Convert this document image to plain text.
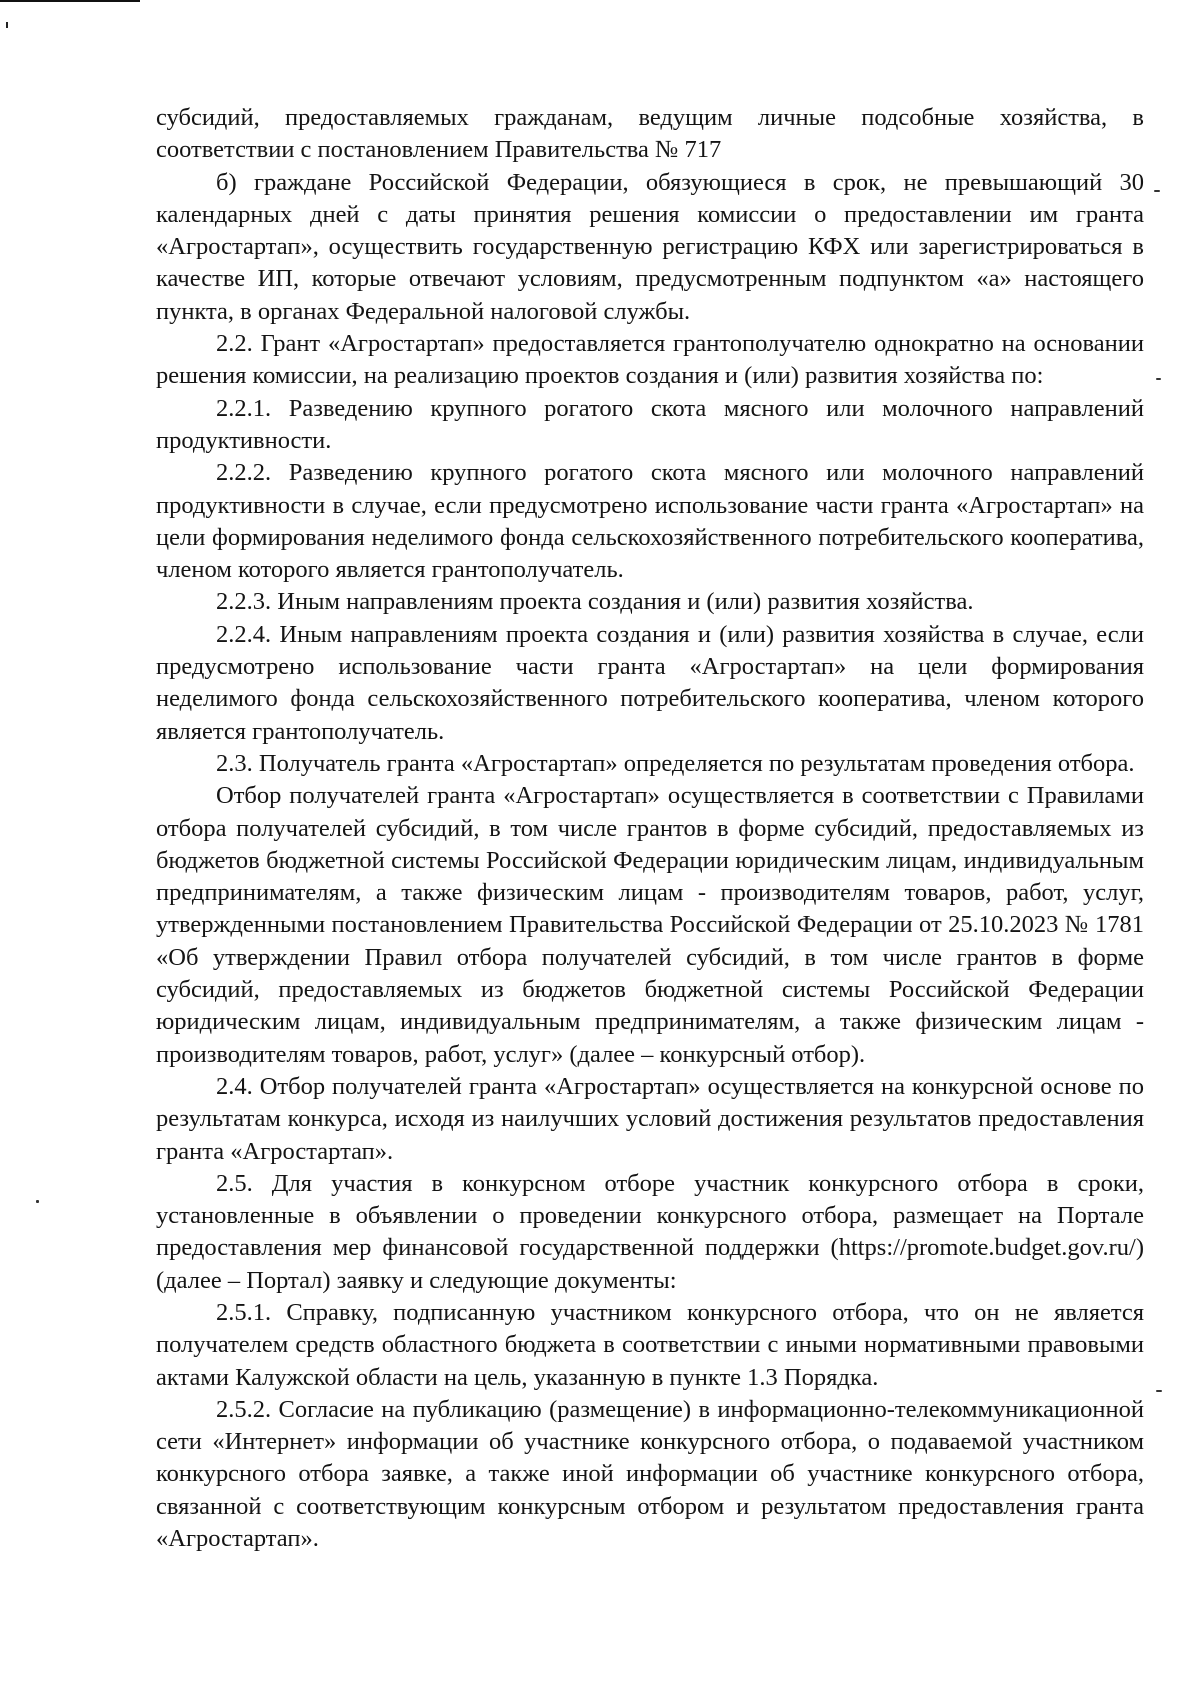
субсидий, предоставляемых гражданам, ведущим личные подсобные хозяйства, в соответствии с постановлением Правительства № 717

б) граждане Российской Федерации, обязующиеся в срок, не превышающий 30 календарных дней с даты принятия решения комиссии о предоставлении им гранта «Агростартап», осуществить государственную регистрацию КФХ или зарегистрироваться в качестве ИП, которые отвечают условиям, предусмотренным подпунктом «а» настоящего пункта, в органах Федеральной налоговой службы.

2.2. Грант «Агростартап» предоставляется грантополучателю однократно на основании решения комиссии, на реализацию проектов создания и (или) развития хозяйства по:

2.2.1. Разведению крупного рогатого скота мясного или молочного направлений продуктивности.

2.2.2. Разведению крупного рогатого скота мясного или молочного направлений продуктивности в случае, если предусмотрено использование части гранта «Агростартап» на цели формирования неделимого фонда сельскохозяйственного потребительского кооператива, членом которого является грантополучатель.

2.2.3. Иным направлениям проекта создания и (или) развития хозяйства.

2.2.4. Иным направлениям проекта создания и (или) развития хозяйства в случае, если предусмотрено использование части гранта «Агростартап» на цели формирования неделимого фонда сельскохозяйственного потребительского кооператива, членом которого является грантополучатель.

2.3. Получатель гранта «Агростартап» определяется по результатам проведения отбора.

Отбор получателей гранта «Агростартап» осуществляется в соответствии с Правилами отбора получателей субсидий, в том числе грантов в форме субсидий, предоставляемых из бюджетов бюджетной системы Российской Федерации юридическим лицам, индивидуальным предпринимателям, а также физическим лицам - производителям товаров, работ, услуг, утвержденными постановлением Правительства Российской Федерации от 25.10.2023 № 1781 «Об утверждении Правил отбора получателей субсидий, в том числе грантов в форме субсидий, предоставляемых из бюджетов бюджетной системы Российской Федерации юридическим лицам, индивидуальным предпринимателям, а также физическим лицам - производителям товаров, работ, услуг» (далее – конкурсный отбор).

2.4. Отбор получателей гранта «Агростартап» осуществляется на конкурсной основе по результатам конкурса, исходя из наилучших условий достижения результатов предоставления гранта «Агростартап».

2.5. Для участия в конкурсном отборе участник конкурсного отбора в сроки, установленные в объявлении о проведении конкурсного отбора, размещает на Портале предоставления мер финансовой государственной поддержки (https://promote.budget.gov.ru/) (далее – Портал) заявку и следующие документы:

2.5.1. Справку, подписанную участником конкурсного отбора, что он не является получателем средств областного бюджета в соответствии с иными нормативными правовыми актами Калужской области на цель, указанную в пункте 1.3 Порядка.

2.5.2. Согласие на публикацию (размещение) в информационно-телекоммуникационной сети «Интернет» информации об участнике конкурсного отбора, о подаваемой участником конкурсного отбора заявке, а также иной информации об участнике конкурсного отбора, связанной с соответствующим конкурсным отбором и результатом предоставления гранта «Агростартап».
